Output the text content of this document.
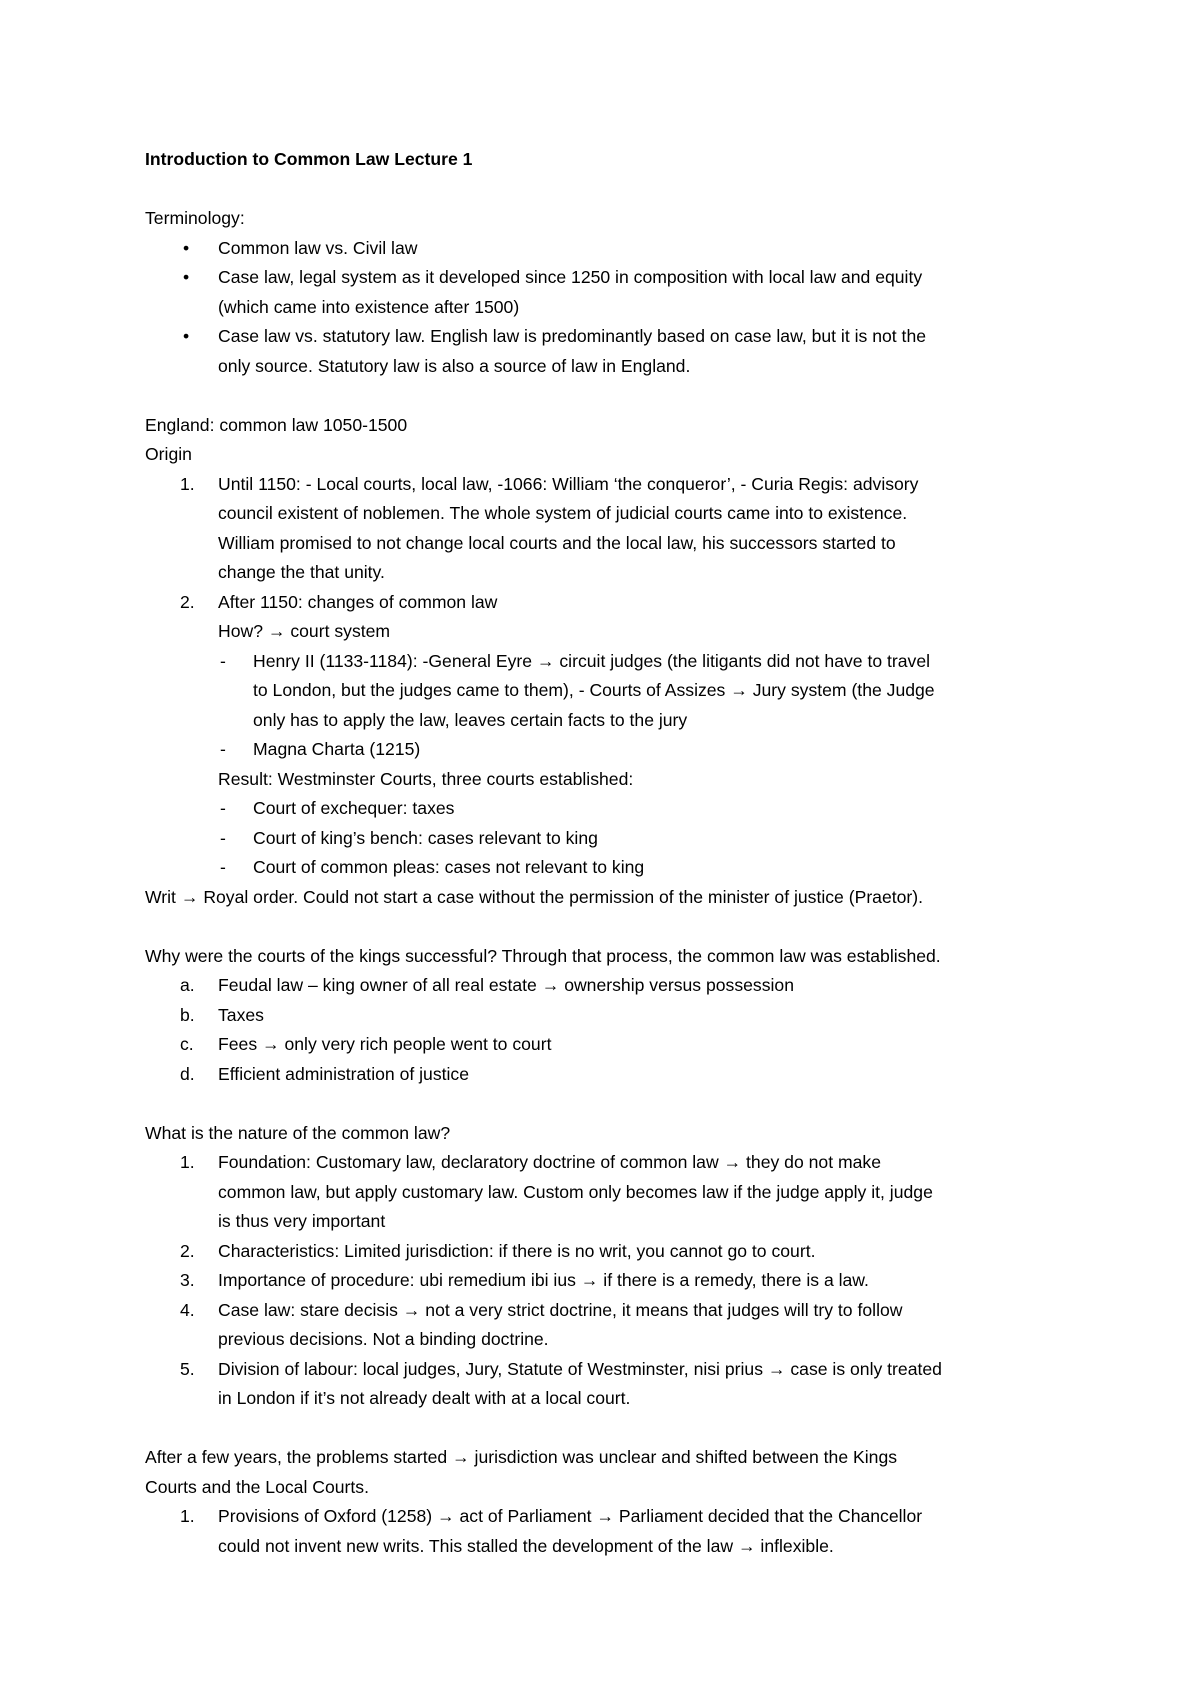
Introduction to Common Law Lecture 1
Terminology:
•	Common law vs. Civil law
•	Case law, legal system as it developed since 1250 in composition with local law and equity
(which came into existence after 1500)
•	Case law vs. statutory law. English law is predominantly based on case law, but it is not the
only source. Statutory law is also a source of law in England.
England: common law 1050-1500
Origin
1.	Until 1150: - Local courts, local law, -1066: William ‘the conqueror’, - Curia Regis: advisory
council existent of noblemen. The whole system of judicial courts came into to existence.
William promised to not change local courts and the local law, his successors started to
change the that unity.
2.	After 1150: changes of common law
How? → court system
-	Henry II (1133-1184): -General Eyre → circuit judges (the litigants did not have to travel
to London, but the judges came to them), - Courts of Assizes → Jury system (the Judge
only has to apply the law, leaves certain facts to the jury
-	Magna Charta (1215)
Result: Westminster Courts, three courts established:
-	Court of exchequer: taxes
-	Court of king’s bench: cases relevant to king
-	Court of common pleas: cases not relevant to king
Writ → Royal order. Could not start a case without the permission of the minister of justice (Praetor).
Why were the courts of the kings successful? Through that process, the common law was established.
a.	Feudal law – king owner of all real estate → ownership versus possession
b.	Taxes
c.	Fees → only very rich people went to court
d.	Efficient administration of justice
What is the nature of the common law?
1.	Foundation: Customary law, declaratory doctrine of common law → they do not make
common law, but apply customary law. Custom only becomes law if the judge apply it, judge
is thus very important
2.	Characteristics: Limited jurisdiction: if there is no writ, you cannot go to court.
3.	Importance of procedure: ubi remedium ibi ius → if there is a remedy, there is a law.
4.	Case law: stare decisis → not a very strict doctrine, it means that judges will try to follow
previous decisions. Not a binding doctrine.
5.	Division of labour: local judges, Jury, Statute of Westminster, nisi prius → case is only treated
in London if it’s not already dealt with at a local court.
After a few years, the problems started → jurisdiction was unclear and shifted between the Kings
Courts and the Local Courts.
1.	Provisions of Oxford (1258) → act of Parliament → Parliament decided that the Chancellor
could not invent new writs. This stalled the development of the law → inflexible.
